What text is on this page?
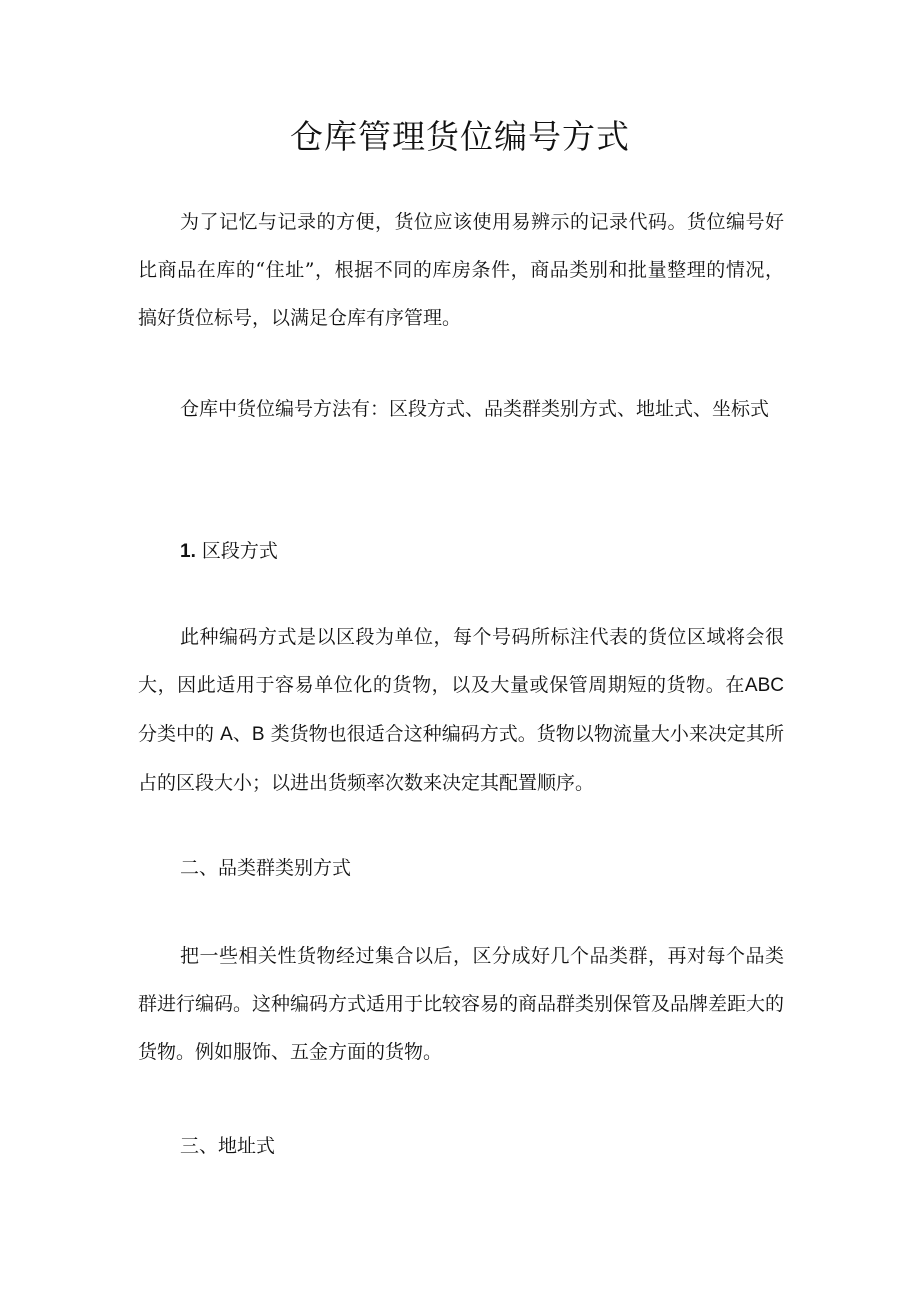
仓库管理货位编号方式

为了记忆与记录的方便，货位应该使用易辨示的记录代码。货位编号好比商品在库的“住址”，根据不同的库房条件，商品类别和批量整理的情况，搞好货位标号，以满足仓库有序管理。

仓库中货位编号方法有：区段方式、品类群类别方式、地址式、坐标式

1. 区段方式

此种编码方式是以区段为单位，每个号码所标注代表的货位区域将会很大，因此适用于容易单位化的货物，以及大量或保管周期短的货物。在ABC 分类中的 A、B 类货物也很适合这种编码方式。货物以物流量大小来决定其所占的区段大小；以进出货频率次数来决定其配置顺序。

二、品类群类别方式

把一些相关性货物经过集合以后，区分成好几个品类群，再对每个品类群进行编码。这种编码方式适用于比较容易的商品群类别保管及品牌差距大的货物。例如服饰、五金方面的货物。

三、地址式
